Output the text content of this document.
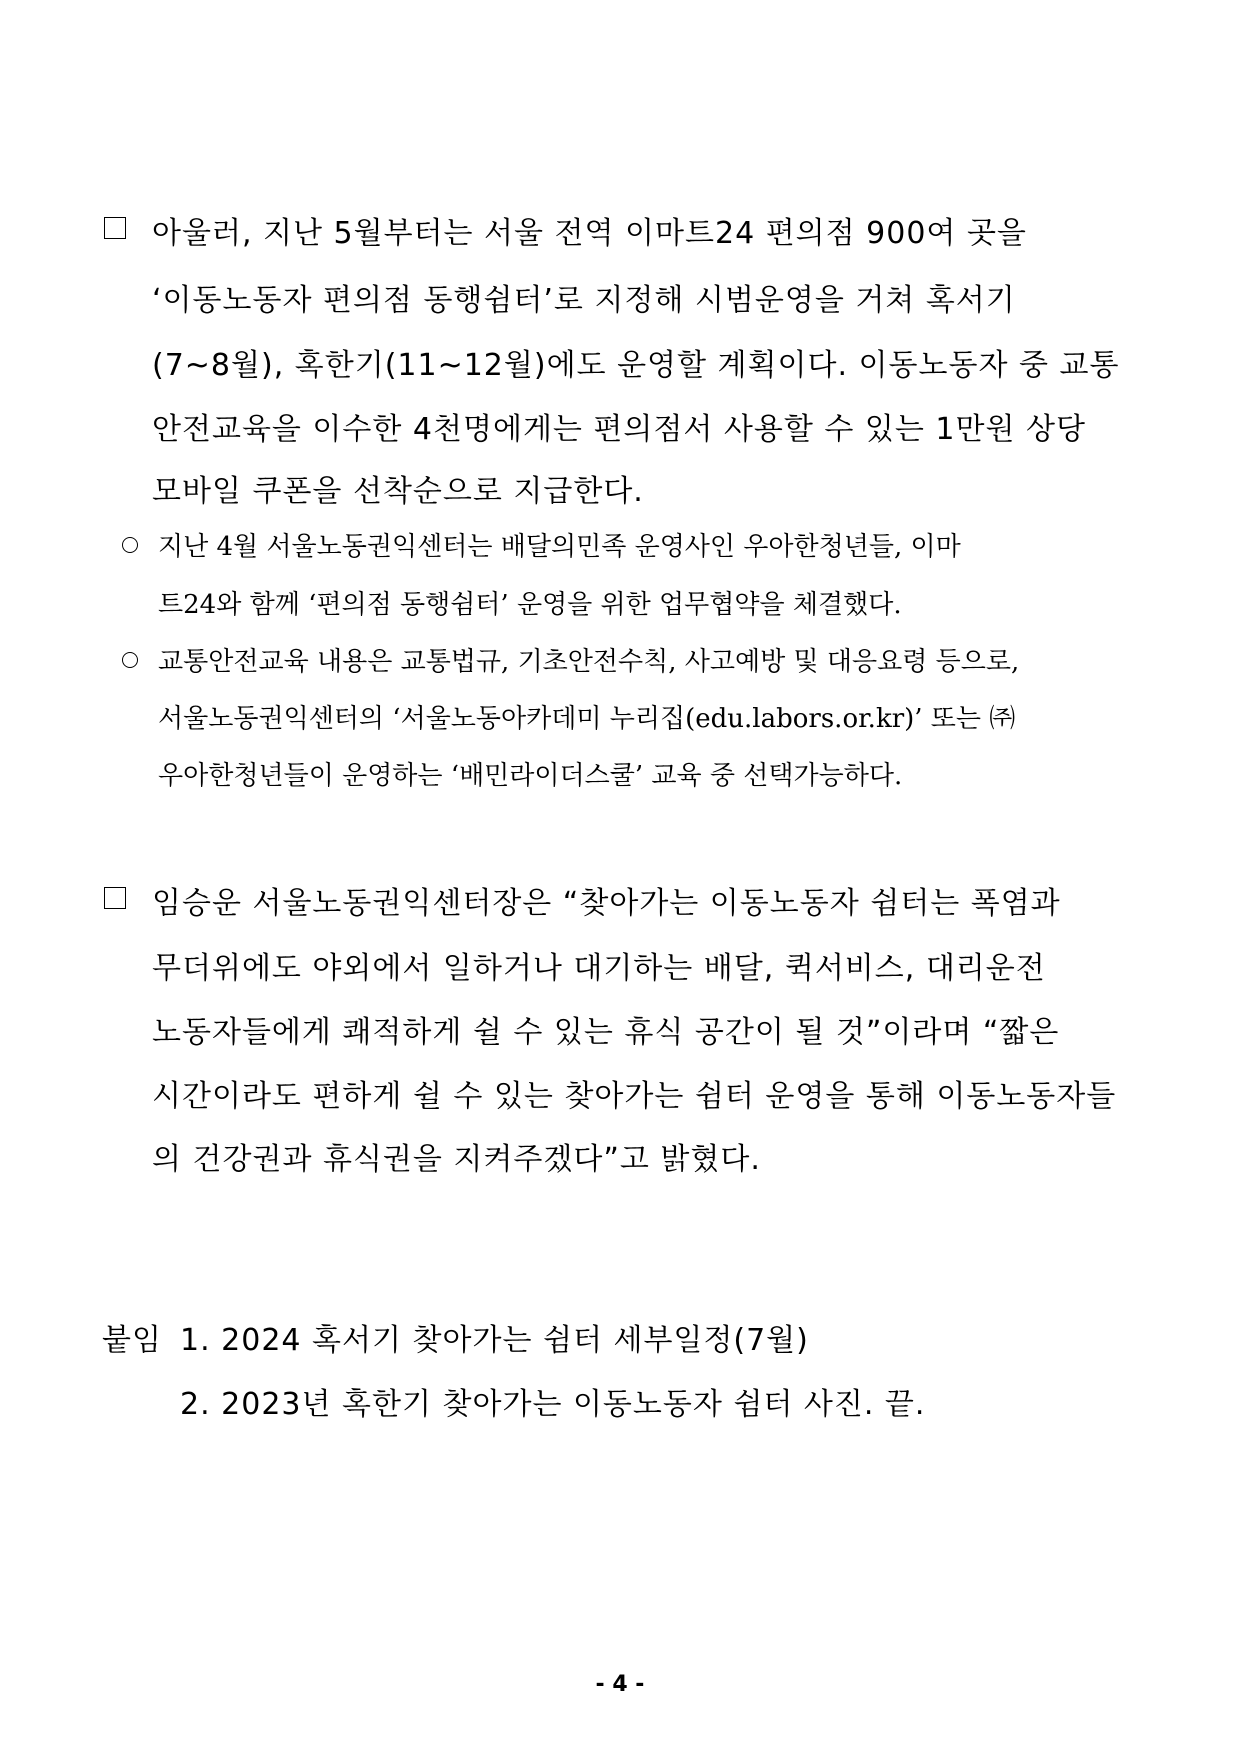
아울러, 지난 5월부터는 서울 전역 이마트24 편의점 900여 곳을
‘이동노동자 편의점 동행쉼터’로 지정해 시범운영을 거쳐 혹서기
(7~8월), 혹한기(11~12월)에도 운영할 계획이다. 이동노동자 중 교통
안전교육을 이수한 4천명에게는 편의점서 사용할 수 있는 1만원 상당
모바일 쿠폰을 선착순으로 지급한다.
지난 4월 서울노동권익센터는 배달의민족 운영사인 우아한청년들, 이마
트24와 함께 ‘편의점 동행쉼터’ 운영을 위한 업무협약을 체결했다.
교통안전교육 내용은 교통법규, 기초안전수칙, 사고예방 및 대응요령 등으로,
서울노동권익센터의 ‘서울노동아카데미 누리집(edu.labors.or.kr)’ 또는 ㈜
우아한청년들이 운영하는 ‘배민라이더스쿨’ 교육 중 선택가능하다.
임승운 서울노동권익센터장은 “찾아가는 이동노동자 쉼터는 폭염과
무더위에도 야외에서 일하거나 대기하는 배달, 퀵서비스, 대리운전
노동자들에게 쾌적하게 쉴 수 있는 휴식 공간이 될 것”이라며 “짧은
시간이라도 편하게 쉴 수 있는 찾아가는 쉼터 운영을 통해 이동노동자들
의 건강권과 휴식권을 지켜주겠다”고 밝혔다.
붙임 1. 2024 혹서기 찾아가는 쉼터 세부일정(7월)
2. 2023년 혹한기 찾아가는 이동노동자 쉼터 사진. 끝.
- 4 -
